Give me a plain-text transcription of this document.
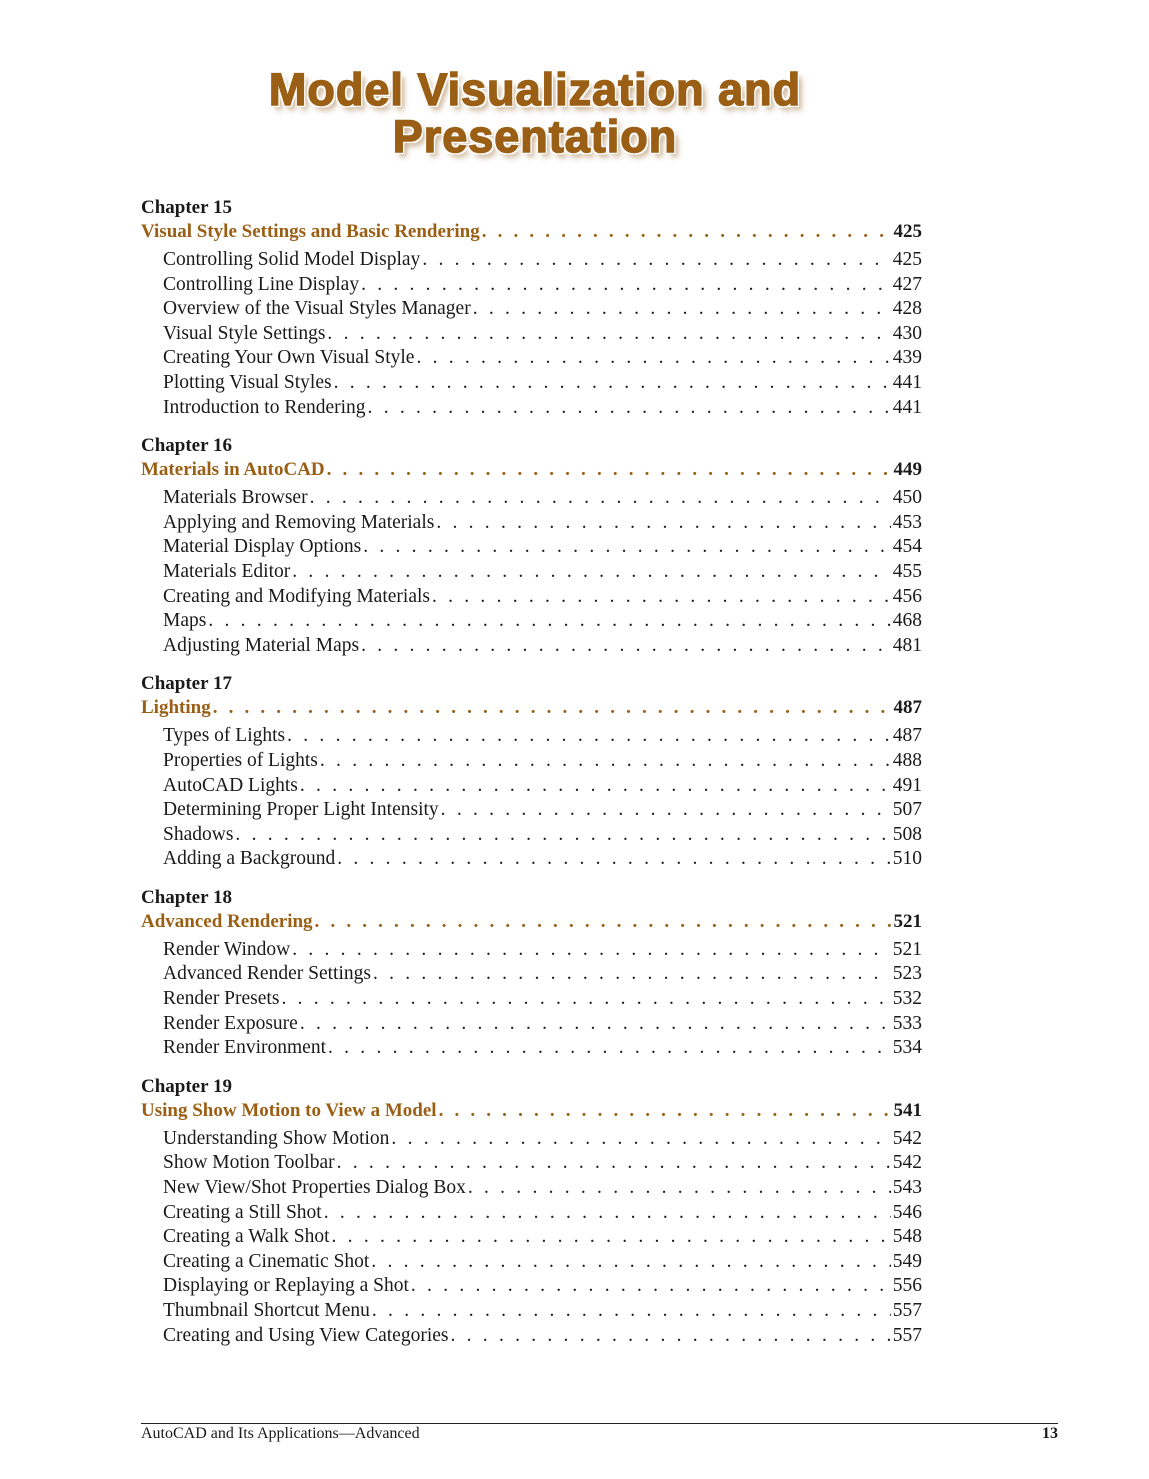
Model Visualization and
Presentation
Chapter 15
Visual Style Settings and Basic Rendering . . .	425
Controlling Solid Model Display . . .	425
Controlling Line Display . . .	427
Overview of the Visual Styles Manager . . .	428
Visual Style Settings . . .	430
Creating Your Own Visual Style . . .	439
Plotting Visual Styles . . .	441
Introduction to Rendering . . .	441
Chapter 16
Materials in AutoCAD . . .	449
Materials Browser . . .	450
Applying and Removing Materials . . .	453
Material Display Options . . .	454
Materials Editor . . .	455
Creating and Modifying Materials . . .	456
Maps . . .	468
Adjusting Material Maps . . .	481
Chapter 17
Lighting . . .	487
Types of Lights . . .	487
Properties of Lights . . .	488
AutoCAD Lights . . .	491
Determining Proper Light Intensity . . .	507
Shadows . . .	508
Adding a Background . . .	510
Chapter 18
Advanced Rendering . . .	521
Render Window . . .	521
Advanced Render Settings . . .	523
Render Presets . . .	532
Render Exposure . . .	533
Render Environment . . .	534
Chapter 19
Using Show Motion to View a Model . . .	541
Understanding Show Motion . . .	542
Show Motion Toolbar . . .	542
New View/Shot Properties Dialog Box . . .	543
Creating a Still Shot . . .	546
Creating a Walk Shot . . .	548
Creating a Cinematic Shot . . .	549
Displaying or Replaying a Shot . . .	556
Thumbnail Shortcut Menu . . .	557
Creating and Using View Categories . . .	557
AutoCAD and Its Applications—Advanced	13
